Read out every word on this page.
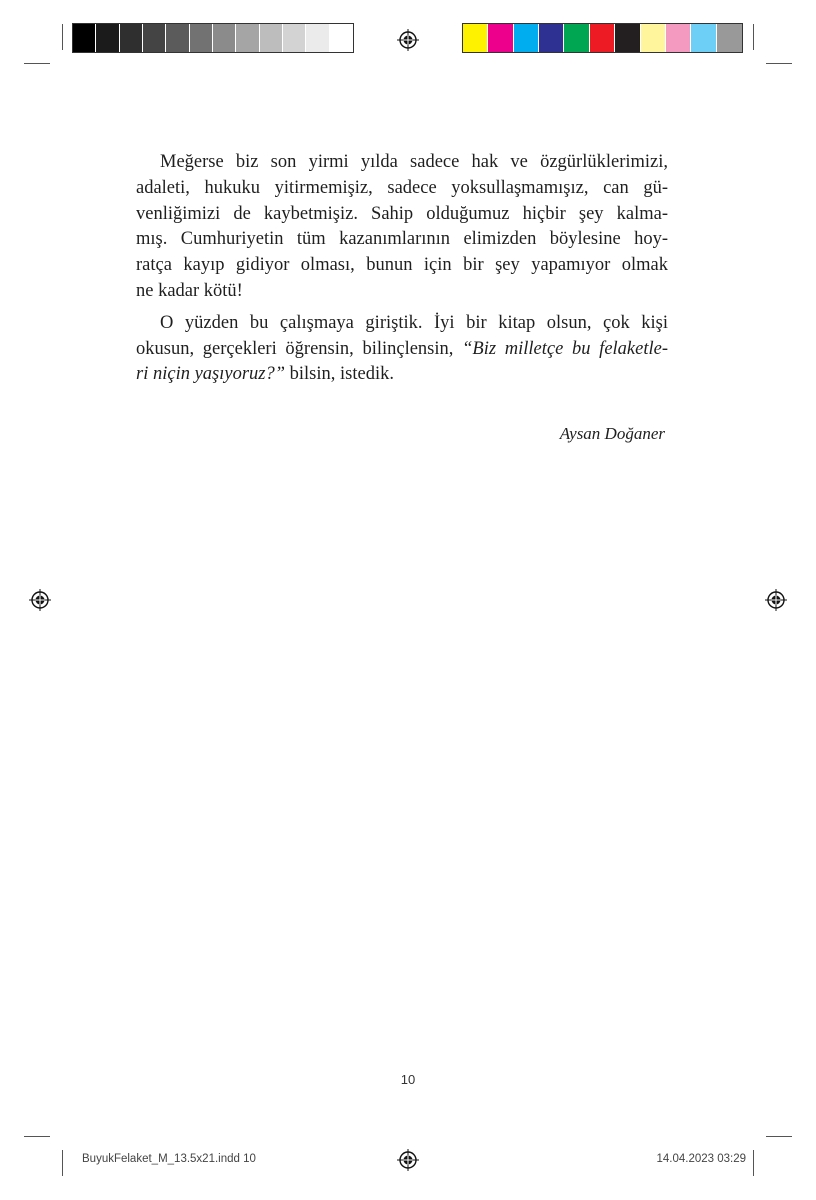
Meğerse biz son yirmi yılda sadece hak ve özgürlüklerimizi,
adaleti, hukuku yitirmemişiz, sadece yoksullaşmamışız, can gü-
venliğimizi de kaybetmişiz. Sahip olduğumuz hiçbir şey kalma-
mış. Cumhuriyetin tüm kazanımlarının elimizden böylesine hoy-
ratça kayıp gidiyor olması, bunun için bir şey yapamıyor olmak
ne kadar kötü!
O yüzden bu çalışmaya giriştik. İyi bir kitap olsun, çok kişi
okusun, gerçekleri öğrensin, bilinçlensin, “Biz milletçe bu felaketle-
ri niçin yaşıyoruz?” bilsin, istedik.
Aysan Doğaner
10
BuyukFelaket_M_13.5x21.indd 10	14.04.2023 03:29
